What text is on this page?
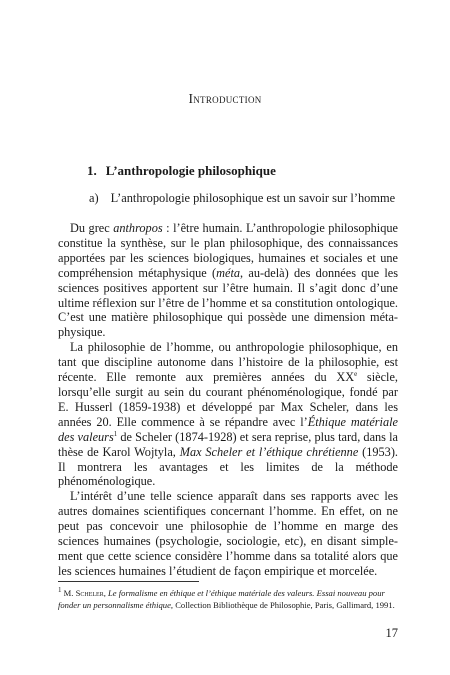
Introduction
1. L’anthropologie philosophique
a) L’anthropologie philosophique est un savoir sur l’homme

Du grec anthropos : l’être humain. L’anthropologie philosophique constitue la synthèse, sur le plan philosophique, des connaissances apportées par les sciences biologiques, humaines et sociales et une compréhension métaphysique (méta, au-delà) des données que les sciences positives apportent sur l’être humain. Il s’agit donc d’une ultime réflexion sur l’être de l’homme et sa constitution ontologique. C’est une matière philosophique qui possède une dimension méta-physique.

La philosophie de l’homme, ou anthropologie philosophique, en tant que discipline autonome dans l’histoire de la philosophie, est récente. Elle remonte aux premières années du XXe siècle, lorsqu’elle surgit au sein du courant phénoménologique, fondé par E. Husserl (1859-1938) et développé par Max Scheler, dans les années 20. Elle commence à se répandre avec l’Éthique matériale des valeurs$^1$ de Scheler (1874-1928) et sera reprise, plus tard, dans la thèse de Karol Wojtyla, Max Scheler et l’éthique chrétienne (1953). Il montrera les avantages et les limites de la méthode phénoménologique.

L’intérêt d’une telle science apparaît dans ses rapports avec les autres domaines scientifiques concernant l’homme. En effet, on ne peut pas concevoir une philosophie de l’homme en marge des sciences humaines (psychologie, sociologie, etc), en disant simple-ment que cette science considère l’homme dans sa totalité alors que les sciences humaines l’étudient de façon empirique et morcelée.

$^1$ M. Scheler, Le formalisme en éthique et l’éthique matériale des valeurs. Essai nouveau pour fonder un personnalisme éthique, Collection Bibliothèque de Philosophie, Paris, Gallimard, 1991.
17
